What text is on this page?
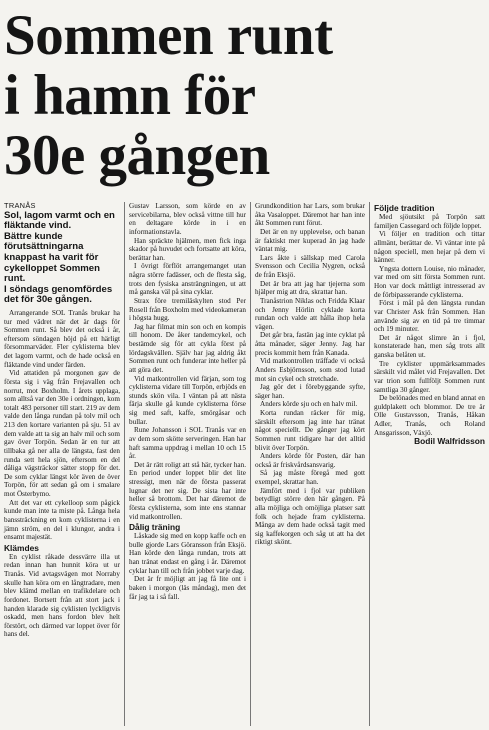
Sommen runt
i hamn för
30e gången
TRANÅS
Sol, lagom varmt och en fläktande vind.
Bättre kunde förutsättningarna knappast ha varit för cykelloppet Sommen runt.
I söndags genomfördes det för 30e gången.

Arrangerande SOL Tranås brukar ha tur med vädret när det är dags för Sommen runt. Så blev det också i år, eftersom söndagen höjd på ett härligt försommarväder. Fler cyklisterna blev det lagom varmt, och de hade också en fläktande vind under färden.

Vid attatiden på morgonen gav de första sig i väg från Frejavallen och norrut, mot Boxholm. I årets upplaga, som alltså var den 30e i ordningen, kom totalt 483 personer till start. 219 av dem valde den långa rundan på tolv mil och 213 den kortare varianten på sju. 51 av dem valde att ta sig an halv mil och som gav över Torpön. Sedan är en tur att tillbaka gå ner alla de längsta, fast den runda sett hela sjön, eftersom en del dåliga vägsträckor sätter stopp för det. De som cyklar längst kör även de över Torpön, för att sedan gå om i smalare mot Österbymo.

Att det var ett cykelloop som pågick kunde man inte ta miste på. Långa hela banssträckning en kom cyklisterna i en jämn ström, en del i klungor, andra i ensamt majestät.

Klämdes

En cyklist råkade dessvärre illa ut redan innan han hunnit köra ut ur Tranås. Vid avtagsvägen mot Norraby skulle han köra om en långtradare, men blev klämd mellan en trafikdelare och fordonet. Bortsett från att stort jack i handen klarade sig cyklisten lyckligtvis oskadd, men hans fordon blev helt förstört, och därmed var loppet över för hans del.

Gustav Larsson, som körde en av servicebilarna, blev också vittne till hur en deltagare körde in i en informationstavla.

Han spräckte hjälmen, men fick inga skador på huvudet och fortsatte att köra, berättar han.

I övrigt förflöt arrangemanget utan några större fadässer, och de flesta såg, trots den fysiska ansträngningen, ut att må ganska väl på sina cyklar.

Strax före tremiläskylten stod Per Rosell från Boxholm med videokameran i högsta hugg.

Jag har filmat min son och en kompis till honom. De åker tandemcykel, och bestämde sig för att cykla först på lördagskvällen. Själv har jag aldrig åkt Sommen runt och funderar inte heller på att göra det.

Vid matkontrollen vid färjan, som tog cyklisterna vidare till Torpön, erbjöds en stunds skön vila. I väntan på att nästa färja skulle gå kunde cyklisterna förse sig med saft, kaffe, smörgåsar och bullar.

Rune Johansson i SOL Tranås var en av dem som skötte serveringen. Han har haft samma uppdrag i mellan 10 och 15 år.

Det är rätt roligt att stå här, tycker han. En period under loppet blir det lite stressigt, men när de första passerat lugnar det ner sig. De sista har inte heller så brottom. Det har däremot de första cyklisterna, som inte ens stannar vid matkontrollen.

Dålig träning

Låskade sig med en kopp kaffe och en bulle gjorde Lars Göransson från Eksjö. Han körde den långa rundan, trots att han tränat endast en gång i år. Däremot cyklar han till och från jobbet varje dag.

Det är fr möjligt att jag få lite ont i baken i morgon (läs måndag), men det får jag ta i så fall.

Grundkondition har Lars, som brukar åka Vasaloppet. Däremot har han inte åkt Sommen runt förut.

Det är en ny upplevelse, och banan är faktiskt mer kuperad än jag hade väntat mig.

Lars åkte i sällskap med Carola Svensson och Cecilia Nygren, också de från Eksjö.

Det är bra att jag har tjejerna som hjälper mig att dra, skrattar han.

Tranåstrion Niklas och Fridda Klaar och Jenny Hörlin cyklade korta rundan och valde att hålla ihop hela vägen.

Det går bra, fastän jag inte cyklat på åtta månader, säger Jenny. Jag har precis kommit hem från Kanada.

Vid matkontrollen träffade vi också Anders Esbjörnsson, som stod lutad mot sin cykel och stretchade.

Jag gör det i förebyggande syfte, säger han.

Anders körde sju och en halv mil.

Korta rundan räcker för mig, särskilt eftersom jag inte har tränat något speciellt. De gånger jag kört Sommen runt tidigare har det alltid blivit över Torpön.

Anders körde för Posten, där han också är friskvårdsansvarig.

Så jag måste föregå med gott exempel, skrattar han.

Jämfört med i fjol var publiken betydligt större den här gången. På alla möjliga och omöjliga platser satt folk och hejade fram cyklisterna. Många av dem hade också tagit med sig kaffekorgen och såg ut att ha det riktigt skönt.

Följde tradition

Med sjöutsikt på Torpön satt familjen Cassegard och följde loppet.

Vi följer en tradition och tittar allmänt, berättar de. Vi väntar inte på någon speciell, men hejar på dem vi känner.

Yngsta dottern Louise, nio månader, var med om sitt första Sommen runt. Hon var dock måttligt intresserad av de förbipasserande cyklisterna.

Först i mål på den längsta rundan var Christer Ask från Sommen. Han använde sig av en tid på tre timmar och 19 minuter.

Det är något slimre än i fjol, konstaterade han, men såg trots allt ganska belåten ut.

Tre cyklister uppmärksammades särskilt vid målet vid Frejavallen. Det var trion som fullföljt Sommen runt samtliga 30 gånger.

De belönades med en bland annat en guldplakett och blommor. De tre är Olle Gustavsson, Tranås, Håkan Adler, Tranås, och Roland Ansgarisson, Växjö.

Bodil Walfridsson
